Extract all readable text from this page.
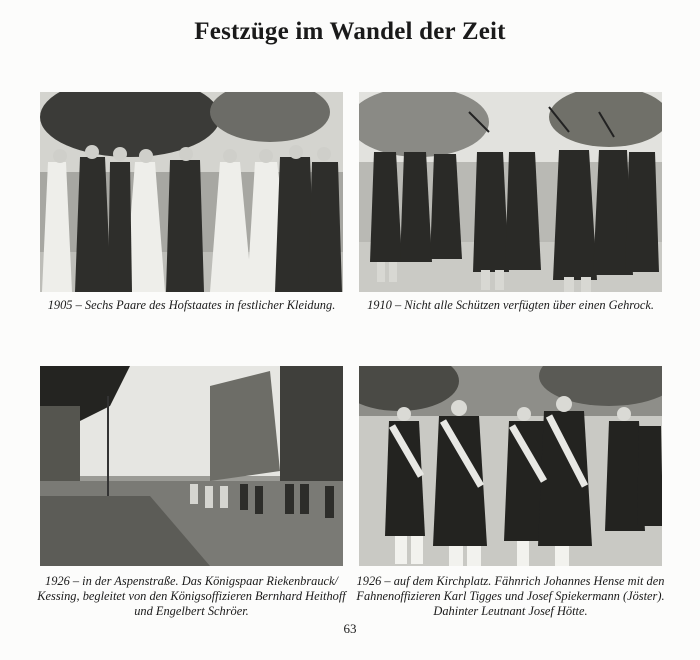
Festzüge im Wandel der Zeit
1905 – Sechs Paare des Hofstaates in festlicher Kleidung.	1910 – Nicht alle Schützen verfügten über einen Gehrock.
1926 – in der Aspenstraße. Das Königspaar Riekenbrauck/
Kessing, begleitet von den Königsoffizieren Bernhard Heithoff
und Engelbert Schröer.
1926 – auf dem Kirchplatz. Fähnrich Johannes Hense mit den
Fahnenoffizieren Karl Tigges und Josef Spiekermann (Jöster).
Dahinter Leutnant Josef Hötte.
63
